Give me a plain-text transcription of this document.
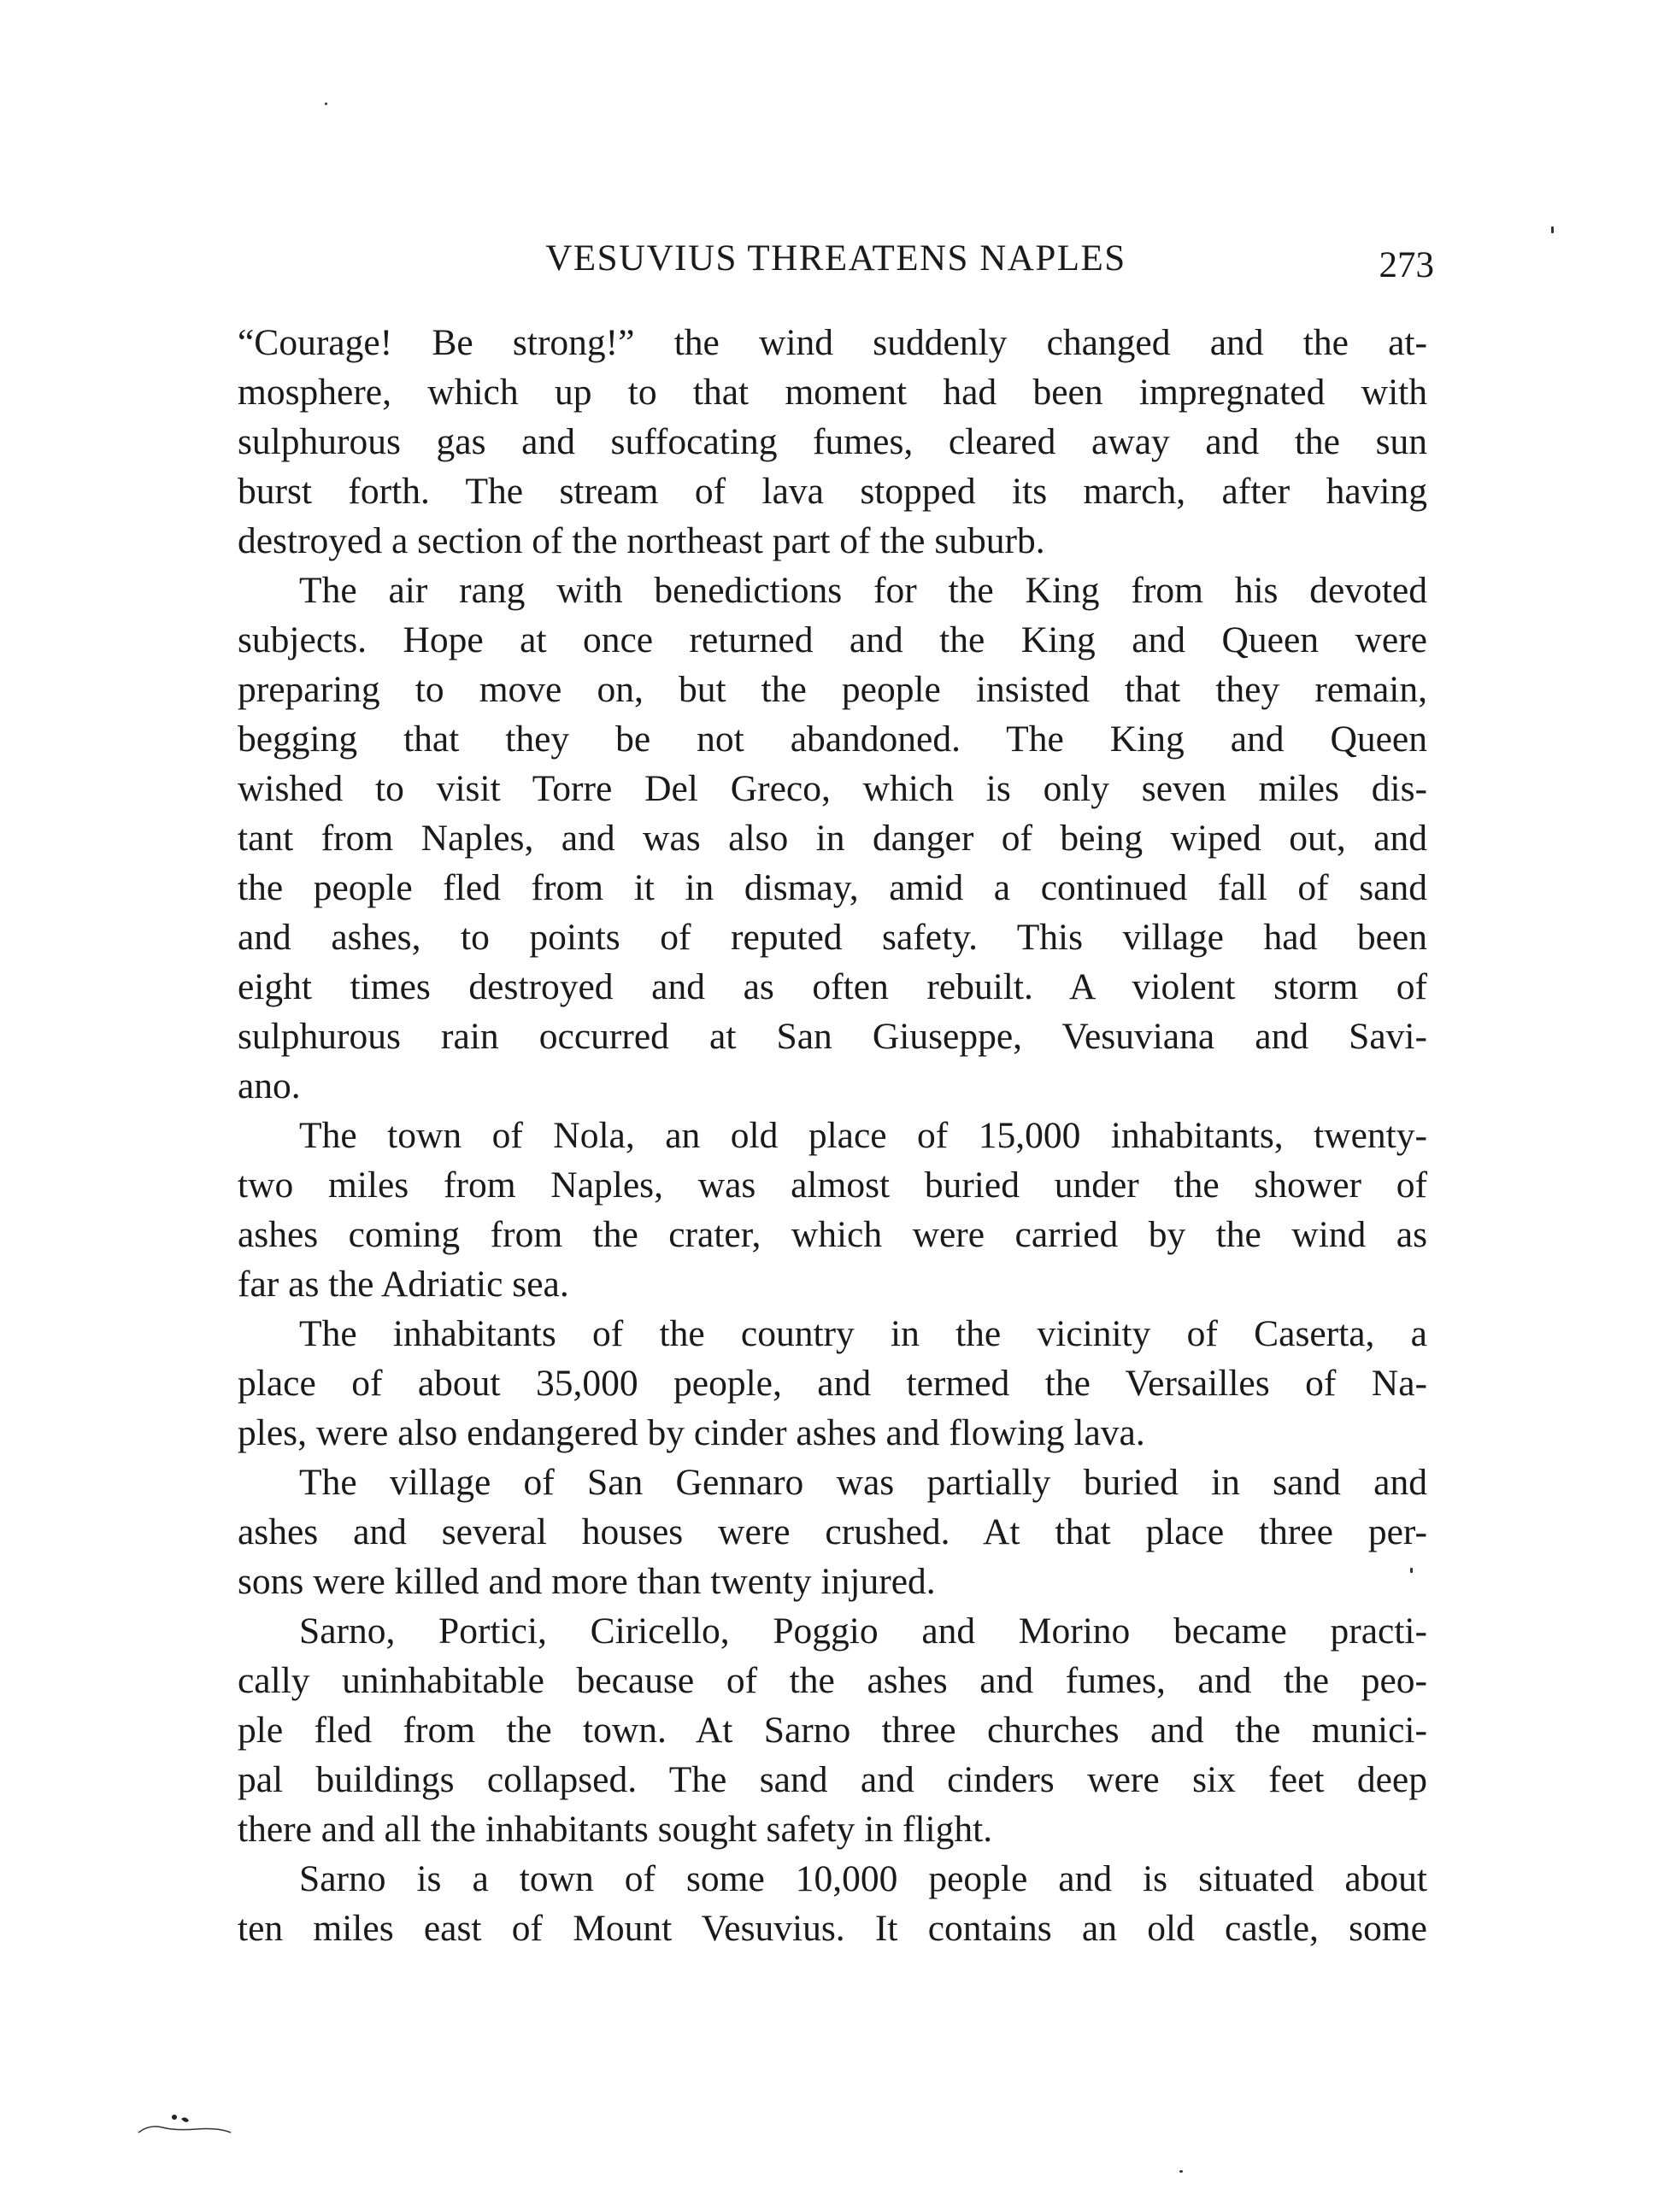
VESUVIUS THREATENS NAPLES	273
“Courage! Be strong!” the wind suddenly changed and the at-
mosphere, which up to that moment had been impregnated with
sulphurous gas and suffocating fumes, cleared away and the sun
burst forth. The stream of lava stopped its march, after having
destroyed a section of the northeast part of the suburb.
The air rang with benedictions for the King from his devoted
subjects. Hope at once returned and the King and Queen were
preparing to move on, but the people insisted that they remain,
begging that they be not abandoned. The King and Queen
wished to visit Torre Del Greco, which is only seven miles dis-
tant from Naples, and was also in danger of being wiped out, and
the people fled from it in dismay, amid a continued fall of sand
and ashes, to points of reputed safety. This village had been
eight times destroyed and as often rebuilt. A violent storm of
sulphurous rain occurred at San Giuseppe, Vesuviana and Savi-
ano.
The town of Nola, an old place of 15,000 inhabitants, twenty-
two miles from Naples, was almost buried under the shower of
ashes coming from the crater, which were carried by the wind as
far as the Adriatic sea.
The inhabitants of the country in the vicinity of Caserta, a
place of about 35,000 people, and termed the Versailles of Na-
ples, were also endangered by cinder ashes and flowing lava.
The village of San Gennaro was partially buried in sand and
ashes and several houses were crushed. At that place three per-
sons were killed and more than twenty injured.
Sarno, Portici, Ciricello, Poggio and Morino became practi-
cally uninhabitable because of the ashes and fumes, and the peo-
ple fled from the town. At Sarno three churches and the munici-
pal buildings collapsed. The sand and cinders were six feet deep
there and all the inhabitants sought safety in flight.
Sarno is a town of some 10,000 people and is situated about
ten miles east of Mount Vesuvius. It contains an old castle, some
